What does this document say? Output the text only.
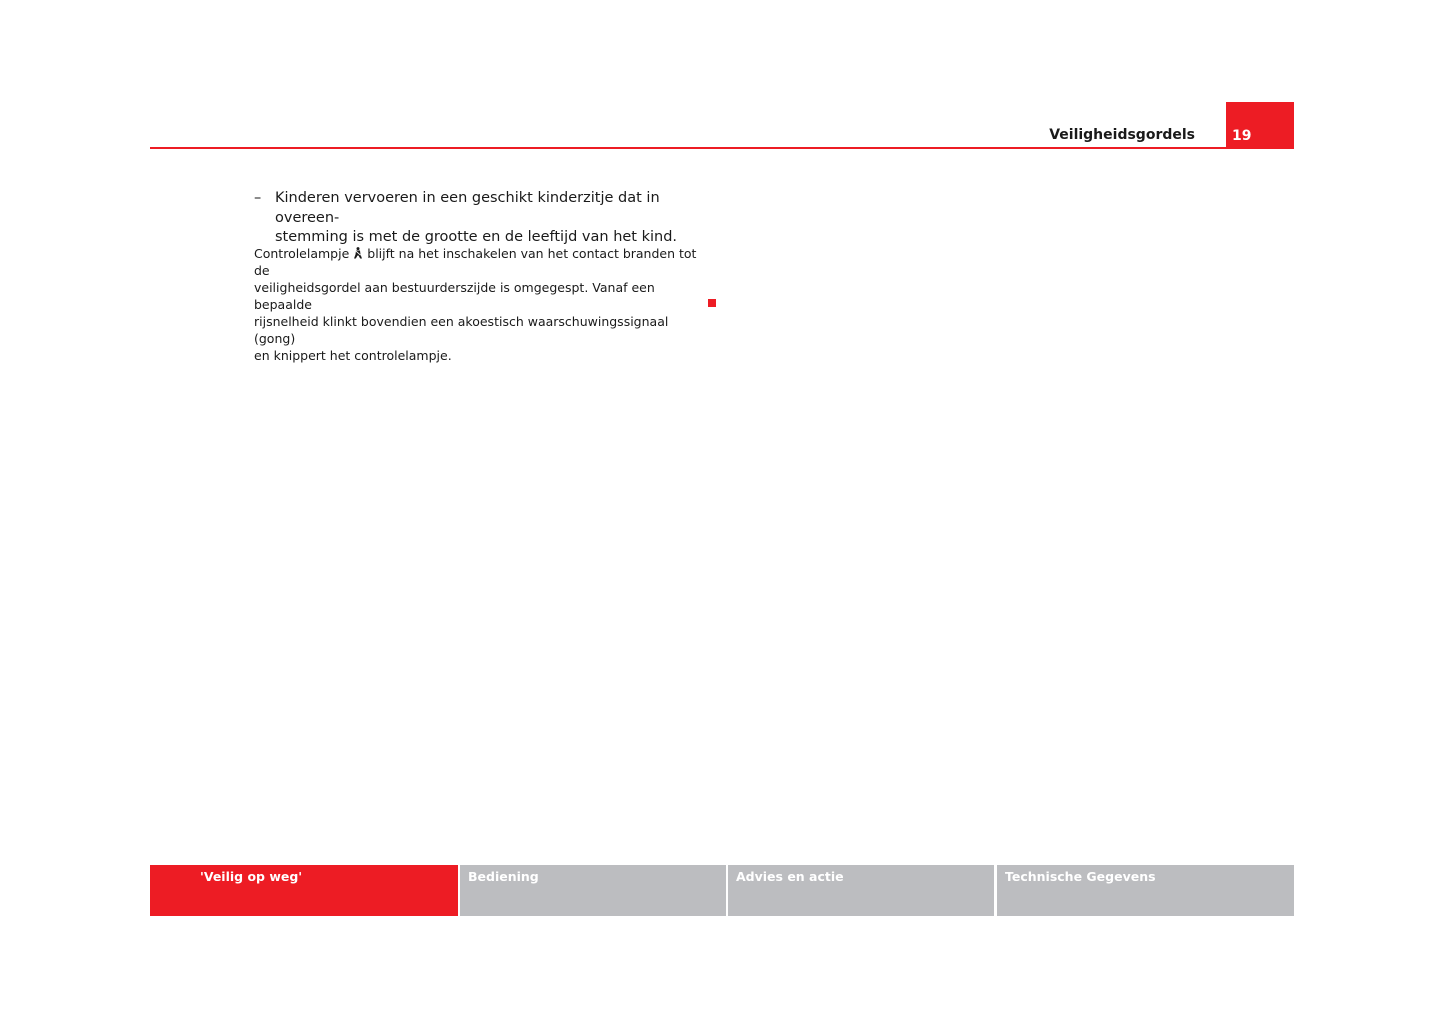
Veiligheidsgordels	19
– Kinderen vervoeren in een geschikt kinderzitje dat in overeen-
stemming is met de grootte en de leeftijd van het kind.
Controlelampje blijft na het inschakelen van het contact branden tot de
veiligheidsgordel aan bestuurderszijde is omgegespt. Vanaf een bepaalde
rijsnelheid klinkt bovendien een akoestisch waarschuwingssignaal (gong)
en knippert het controlelampje.
'Veilig op weg'	Bediening	Advies en actie	Technische Gegevens
